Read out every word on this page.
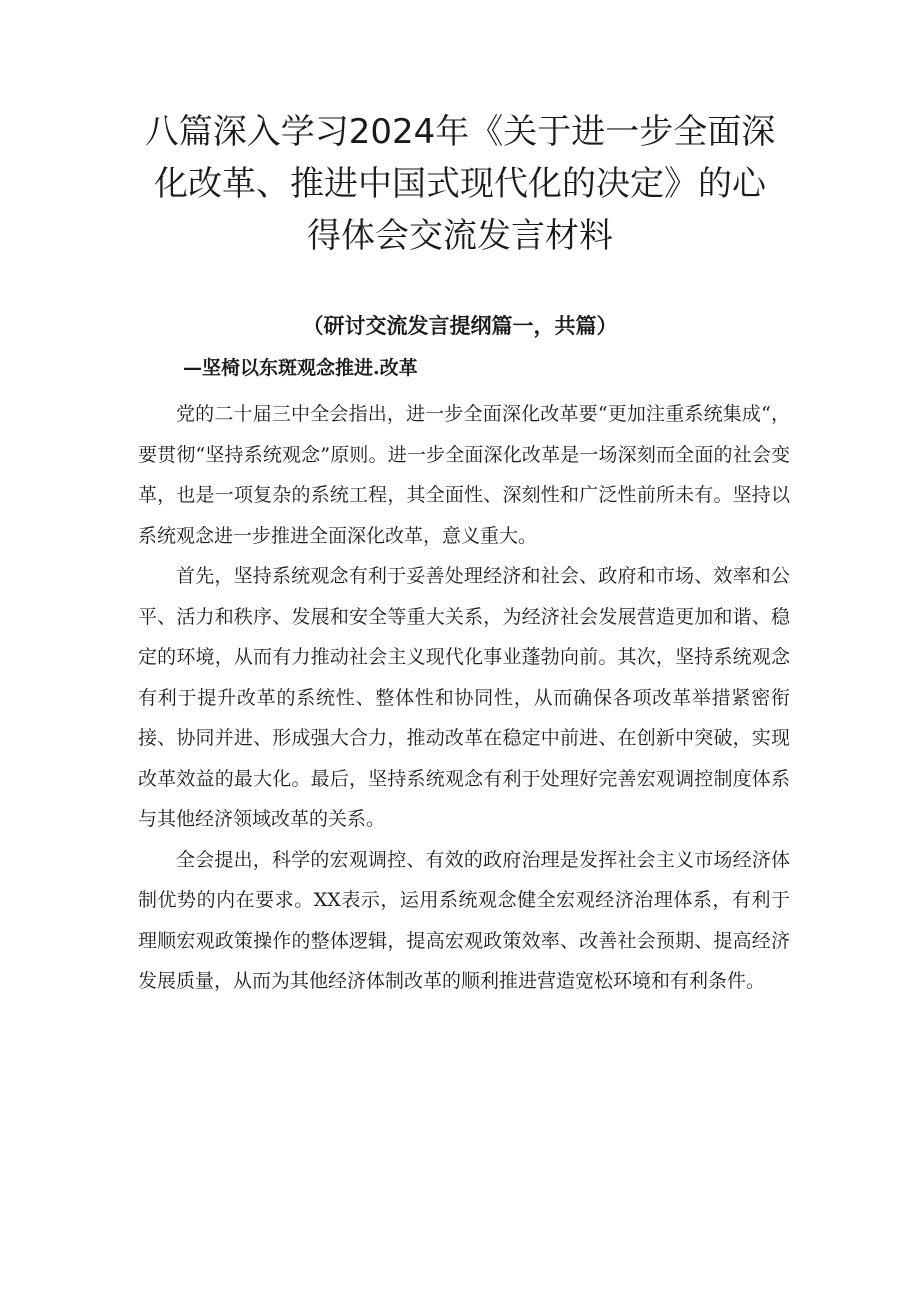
八篇深入学习2024年《关于进一步全面深
化改革、推进中国式现代化的决定》的心
得体会交流发言材料
（研讨交流发言提纲篇一，共篇）
—坚椅以东斑观念推进.改革

党的二十届三中全会指出，进一步全面深化改革要“更加注重系统集成“，要贯彻“坚持系统观念”原则。进一步全面深化改革是一场深刻而全面的社会变革，也是一项复杂的系统工程，其全面性、深刻性和广泛性前所未有。坚持以系统观念进一步推进全面深化改革，意义重大。

首先，坚持系统观念有利于妥善处理经济和社会、政府和市场、效率和公平、活力和秩序、发展和安全等重大关系，为经济社会发展营造更加和谐、稳定的环境，从而有力推动社会主义现代化事业蓬勃向前。其次，坚持系统观念有利于提升改革的系统性、整体性和协同性，从而确保各项改革举措紧密衔接、协同并进、形成强大合力，推动改革在稳定中前进、在创新中突破，实现改革效益的最大化。最后，坚持系统观念有利于处理好完善宏观调控制度体系与其他经济领域改革的关系。

全会提出，科学的宏观调控、有效的政府治理是发挥社会主义市场经济体制优势的内在要求。XX表示，运用系统观念健全宏观经济治理体系，有利于理顺宏观政策操作的整体逻辑，提高宏观政策效率、改善社会预期、提高经济发展质量，从而为其他经济体制改革的顺利推进营造宽松环境和有利条件。
